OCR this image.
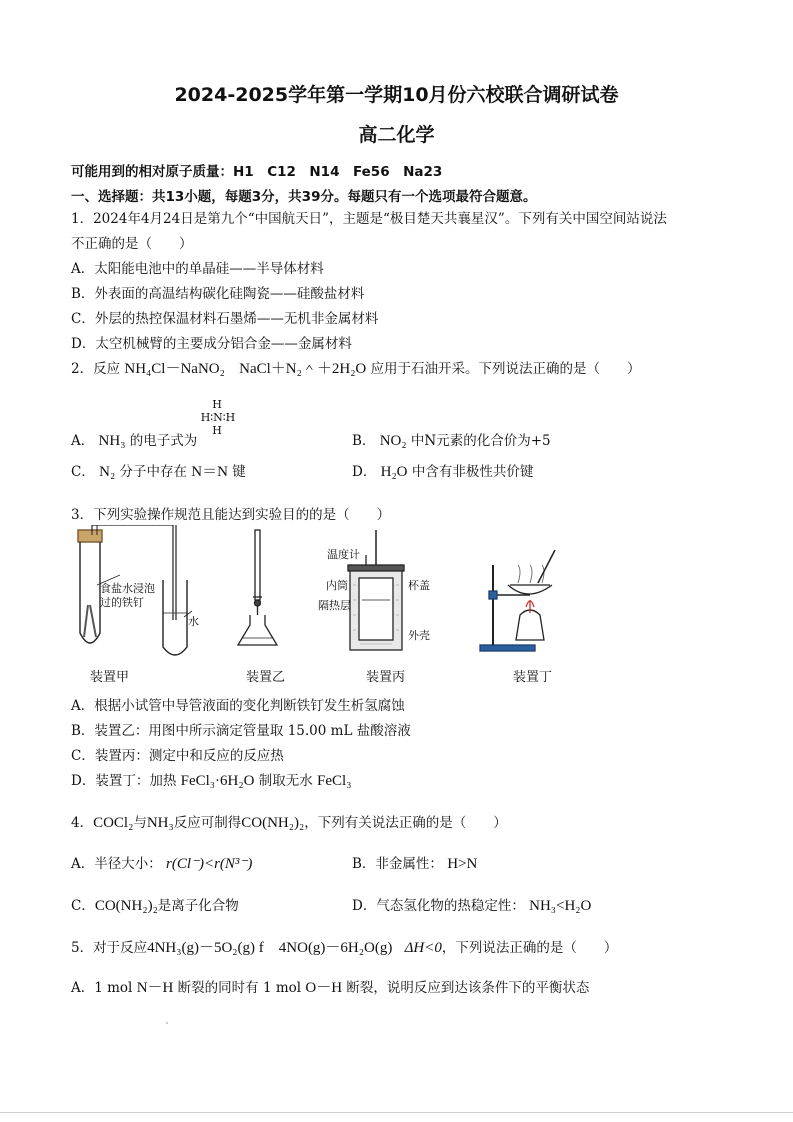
2024-2025学年第一学期10月份六校联合调研试卷
高二化学
可能用到的相对原子质量：H1　C12　N14　Fe56　Na23
一、选择题：共13小题，每题3分，共39分。每题只有一个选项最符合题意。
1．2024年4月24日是第九个“中国航天日”，主题是“极目楚天共襄星汉”。下列有关中国空间站说法
不正确的是（　　）
A．太阳能电池中的单晶硅——半导体材料
B．外表面的高温结构碳化硅陶瓷——硅酸盐材料
C．外层的热控保温材料石墨烯——无机非金属材料
D．太空机械臂的主要成分铝合金——金属材料
2．反应 NH₄Cl－NaNO₂ NaCl＋N₂＾＋2H₂O 应用于石油开采。下列说法正确的是（　　）
H
H∶N∶H
H
A． NH₃ 的电子式为	B． NO₂ 中N元素的化合价为+5
C． N₂ 分子中存在 N＝N 键	D． H₂O 中含有非极性共价键
3．下列实验操作规范且能达到实验目的的是（　　）
食盐水浸泡
过的铁钉
水
温度计
内筒	杯盖
隔热层
外壳
装置甲	装置乙	装置丙	装置丁
A．根据小试管中导管液面的变化判断铁钉发生析氢腐蚀
B．装置乙：用图中所示滴定管量取 15.00 mL 盐酸溶液
C．装置丙：测定中和反应的反应热
D．装置丁：加热 FeCl₃·6H₂O 制取无水 FeCl₃
4．COCl₂与NH₃反应可制得CO(NH₂)₂，下列有关说法正确的是（　　）
A．半径大小： r(Cl⁻)<r(N³⁻)	B．非金属性： H>N
C．CO(NH₂)₂是离子化合物	D．气态氢化物的热稳定性： NH₃<H₂O
5．对于反应4NH₃(g)－5O₂(g) f　4NO(g)－6H₂O(g) ΔH<0，下列说法正确的是（　　）
A．1 mol N－H 断裂的同时有 1 mol O－H 断裂，说明反应到达该条件下的平衡状态
